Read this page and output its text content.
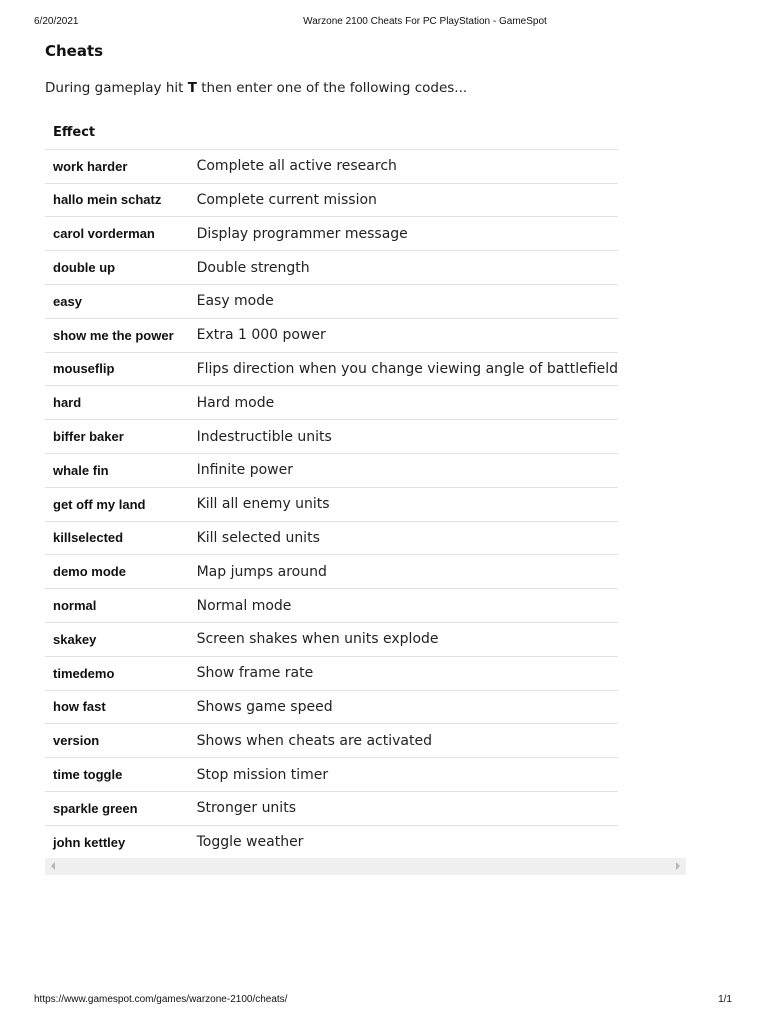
6/20/2021	Warzone 2100 Cheats For PC PlayStation - GameSpot
Cheats
During gameplay hit T then enter one of the following codes...
Effect	
work harder	Complete all active research
hallo mein schatz	Complete current mission
carol vorderman	Display programmer message
double up	Double strength
easy	Easy mode
show me the power	Extra 1 000 power
mouseflip	Flips direction when you change viewing angle of battlefield
hard	Hard mode
biffer baker	Indestructible units
whale fin	Infinite power
get off my land	Kill all enemy units
killselected	Kill selected units
demo mode	Map jumps around
normal	Normal mode
skakey	Screen shakes when units explode
timedemo	Show frame rate
how fast	Shows game speed
version	Shows when cheats are activated
time toggle	Stop mission timer
sparkle green	Stronger units
john kettley	Toggle weather
https://www.gamespot.com/games/warzone-2100/cheats/	1/1
